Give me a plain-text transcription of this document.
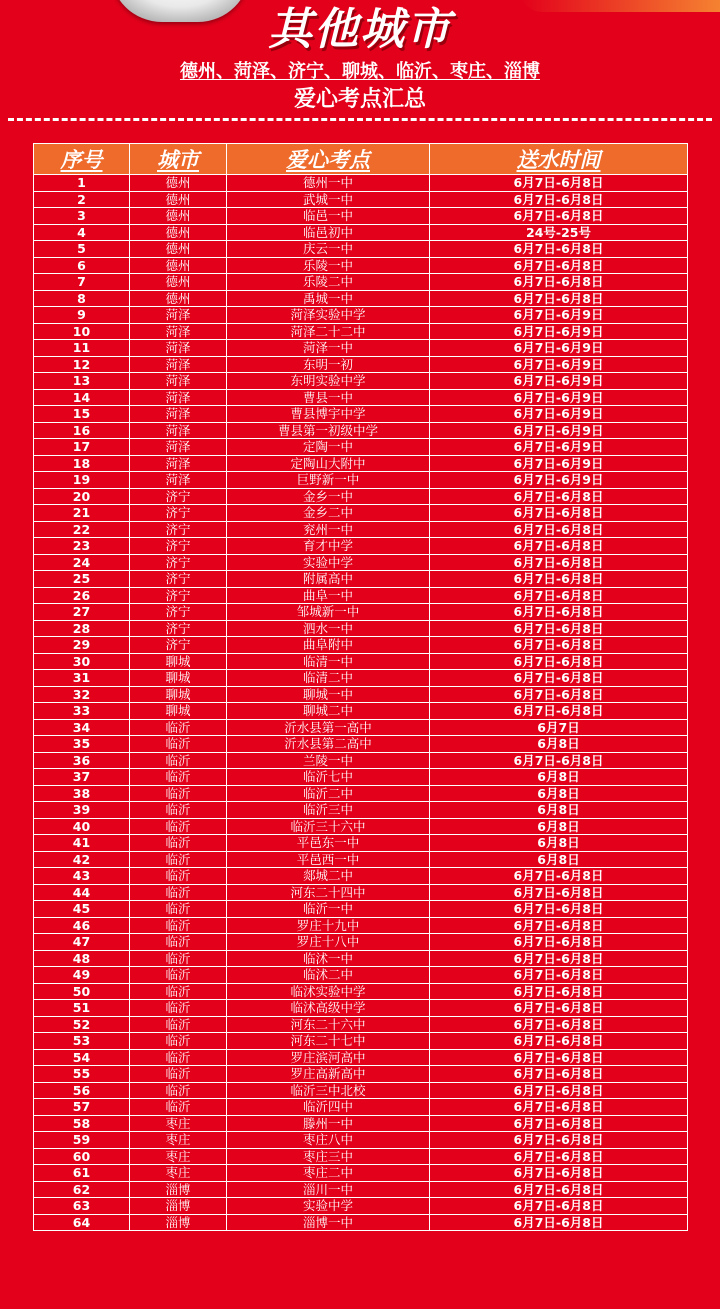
其他城市
德州、菏泽、济宁、聊城、临沂、枣庄、淄博
爱心考点汇总
序号	城市	爱心考点	送水时间
1	德州	德州一中	6月7日-6月8日
2	德州	武城一中	6月7日-6月8日
3	德州	临邑一中	6月7日-6月8日
4	德州	临邑初中	24号-25号
5	德州	庆云一中	6月7日-6月8日
6	德州	乐陵一中	6月7日-6月8日
7	德州	乐陵二中	6月7日-6月8日
8	德州	禹城一中	6月7日-6月8日
9	菏泽	菏泽实验中学	6月7日-6月9日
10	菏泽	菏泽二十二中	6月7日-6月9日
11	菏泽	菏泽一中	6月7日-6月9日
12	菏泽	东明一初	6月7日-6月9日
13	菏泽	东明实验中学	6月7日-6月9日
14	菏泽	曹县一中	6月7日-6月9日
15	菏泽	曹县博宇中学	6月7日-6月9日
16	菏泽	曹县第一初级中学	6月7日-6月9日
17	菏泽	定陶一中	6月7日-6月9日
18	菏泽	定陶山大附中	6月7日-6月9日
19	菏泽	巨野新一中	6月7日-6月9日
20	济宁	金乡一中	6月7日-6月8日
21	济宁	金乡二中	6月7日-6月8日
22	济宁	兖州一中	6月7日-6月8日
23	济宁	育才中学	6月7日-6月8日
24	济宁	实验中学	6月7日-6月8日
25	济宁	附属高中	6月7日-6月8日
26	济宁	曲阜一中	6月7日-6月8日
27	济宁	邹城新一中	6月7日-6月8日
28	济宁	泗水一中	6月7日-6月8日
29	济宁	曲阜附中	6月7日-6月8日
30	聊城	临清一中	6月7日-6月8日
31	聊城	临清二中	6月7日-6月8日
32	聊城	聊城一中	6月7日-6月8日
33	聊城	聊城二中	6月7日-6月8日
34	临沂	沂水县第一高中	6月7日
35	临沂	沂水县第二高中	6月8日
36	临沂	兰陵一中	6月7日-6月8日
37	临沂	临沂七中	6月8日
38	临沂	临沂二中	6月8日
39	临沂	临沂三中	6月8日
40	临沂	临沂三十六中	6月8日
41	临沂	平邑东一中	6月8日
42	临沂	平邑西一中	6月8日
43	临沂	郯城二中	6月7日-6月8日
44	临沂	河东二十四中	6月7日-6月8日
45	临沂	临沂一中	6月7日-6月8日
46	临沂	罗庄十九中	6月7日-6月8日
47	临沂	罗庄十八中	6月7日-6月8日
48	临沂	临沭一中	6月7日-6月8日
49	临沂	临沭二中	6月7日-6月8日
50	临沂	临沭实验中学	6月7日-6月8日
51	临沂	临沭高级中学	6月7日-6月8日
52	临沂	河东二十六中	6月7日-6月8日
53	临沂	河东二十七中	6月7日-6月8日
54	临沂	罗庄滨河高中	6月7日-6月8日
55	临沂	罗庄高新高中	6月7日-6月8日
56	临沂	临沂三中北校	6月7日-6月8日
57	临沂	临沂四中	6月7日-6月8日
58	枣庄	滕州一中	6月7日-6月8日
59	枣庄	枣庄八中	6月7日-6月8日
60	枣庄	枣庄三中	6月7日-6月8日
61	枣庄	枣庄二中	6月7日-6月8日
62	淄博	淄川一中	6月7日-6月8日
63	淄博	实验中学	6月7日-6月8日
64	淄博	淄博一中	6月7日-6月8日
